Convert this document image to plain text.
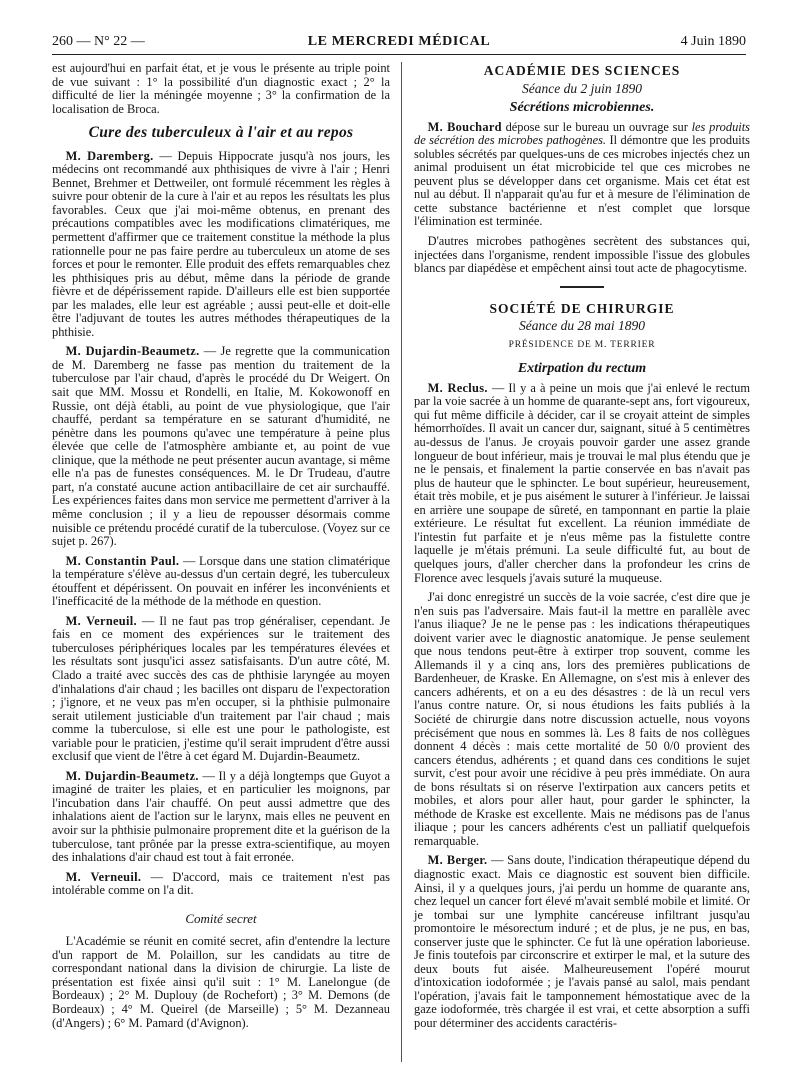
260 — N° 22 —	LE MERCREDI MÉDICAL	4 Juin 1890

est aujourd'hui en parfait état, et je vous le présente au triple point de vue suivant : 1° la possibilité d'un diagnostic exact ; 2° la difficulté de lier la méningée moyenne ; 3° la confirmation de la localisation de Broca.

Cure des tuberculeux à l'air et au repos

M. Daremberg. — Depuis Hippocrate jusqu'à nos jours, les médecins ont recommandé aux phthisiques de vivre à l'air ; Henri Bennet, Brehmer et Dettweiler, ont formulé récemment les règles à suivre pour obtenir de la cure à l'air et au repos les résultats les plus favorables. Ceux que j'ai moi-même obtenus, en prenant des précautions compatibles avec les modifications climatériques, me permettent d'affirmer que ce traitement constitue la méthode la plus rationnelle pour ne pas faire perdre au tuberculeux un atome de ses forces et pour le remonter. Elle produit des effets remarquables chez les phthisiques pris au début, même dans la période de grande fièvre et de dépérissement rapide. D'ailleurs elle est bien supportée par les malades, elle leur est agréable ; aussi peut-elle et doit-elle être l'adjuvant de toutes les autres méthodes thérapeutiques de la phthisie.

M. Dujardin-Beaumetz. — Je regrette que la communication de M. Daremberg ne fasse pas mention du traitement de la tuberculose par l'air chaud, d'après le procédé du Dr Weigert. On sait que MM. Mossu et Rondelli, en Italie, M. Kokowonoff en Russie, ont déjà établi, au point de vue physiologique, que l'air chauffé, perdant sa température en se saturant d'humidité, ne pénètre dans les poumons qu'avec une température à peine plus élevée que celle de l'atmosphère ambiante et, au point de vue clinique, que la méthode ne peut présenter aucun avantage, si même elle n'a pas de funestes conséquences. M. le Dr Trudeau, d'autre part, n'a constaté aucune action antibacillaire de cet air surchauffé. Les expériences faites dans mon service me permettent d'arriver à la même conclusion ; il y a lieu de repousser désormais comme nuisible ce prétendu procédé curatif de la tuberculose. (Voyez sur ce sujet p. 267).

M. Constantin Paul. — Lorsque dans une station climatérique la température s'élève au-dessus d'un certain degré, les tuberculeux étouffent et dépérissent. On pouvait en inférer les inconvénients et l'inefficacité de la méthode de la méthode en question.

M. Verneuil. — Il ne faut pas trop généraliser, cependant. Je fais en ce moment des expériences sur le traitement des tuberculoses périphériques locales par les températures élevées et les résultats sont jusqu'ici assez satisfaisants. D'un autre côté, M. Clado a traité avec succès des cas de phthisie laryngée au moyen d'inhalations d'air chaud ; les bacilles ont disparu de l'expectoration ; j'ignore, et ne veux pas m'en occuper, si la phthisie pulmonaire serait utilement justiciable d'un traitement par l'air chaud ; mais comme la tuberculose, si elle est une pour le pathologiste, est variable pour le praticien, j'estime qu'il serait imprudent d'être aussi exclusif que vient de l'être à cet égard M. Dujardin-Beaumetz.

M. Dujardin-Beaumetz. — Il y a déjà longtemps que Guyot a imaginé de traiter les plaies, et en particulier les moignons, par l'incubation dans l'air chauffé. On peut aussi admettre que des inhalations aient de l'action sur le larynx, mais elles ne peuvent en avoir sur la phthisie pulmonaire proprement dite et la guérison de la tuberculose, tant prônée par la presse extra-scientifique, au moyen des inhalations d'air chaud est tout à fait erronée.

M. Verneuil. — D'accord, mais ce traitement n'est pas intolérable comme on l'a dit.

Comité secret

L'Académie se réunit en comité secret, afin d'entendre la lecture d'un rapport de M. Polaillon, sur les candidats au titre de correspondant national dans la division de chirurgie. La liste de présentation est fixée ainsi qu'il suit : 1° M. Lanelongue (de Bordeaux) ; 2° M. Duplouy (de Rochefort) ; 3° M. Demons (de Bordeaux) ; 4° M. Queirel (de Marseille) ; 5° M. Dezanneau (d'Angers) ; 6° M. Pamard (d'Avignon).

ACADÉMIE DES SCIENCES
Séance du 2 juin 1890
Sécrétions microbiennes.

M. Bouchard dépose sur le bureau un ouvrage sur les produits de sécrétion des microbes pathogènes. Il démontre que les produits solubles sécrétés par quelques-uns de ces microbes injectés chez un animal produisent un état microbicide tel que ces microbes ne peuvent plus se développer dans cet organisme. Mais cet état est nul au début. Il n'apparait qu'au fur et à mesure de l'élimination de cette substance bactérienne et n'est complet que lorsque l'élimination est terminée.

D'autres microbes pathogènes secrètent des substances qui, injectées dans l'organisme, rendent impossible l'issue des globules blancs par diapédèse et empêchent ainsi tout acte de phagocytisme.

SOCIÉTÉ DE CHIRURGIE
Séance du 28 mai 1890
PRÉSIDENCE DE M. TERRIER
Extirpation du rectum

M. Reclus. — Il y a à peine un mois que j'ai enlevé le rectum par la voie sacrée à un homme de quarante-sept ans, fort vigoureux, qui fut même difficile à décider, car il se croyait atteint de simples hémorrhoïdes. Il avait un cancer dur, saignant, situé à 5 centimètres au-dessus de l'anus. Je croyais pouvoir garder une assez grande longueur de bout inférieur, mais je trouvai le mal plus étendu que je ne le pensais, et finalement la partie conservée en bas n'avait pas plus de hauteur que le sphincter. Le bout supérieur, heureusement, était très mobile, et je pus aisément le suturer à l'inférieur. Je laissai en arrière une soupape de sûreté, en tamponnant en partie la plaie extérieure. Le résultat fut excellent. La réunion immédiate de l'intestin fut parfaite et je n'eus même pas la fistulette contre laquelle je m'étais prémuni. La seule difficulté fut, au bout de quelques jours, d'aller chercher dans la profondeur les crins de Florence avec lesquels j'avais suturé la muqueuse.

J'ai donc enregistré un succès de la voie sacrée, c'est dire que je n'en suis pas l'adversaire. Mais faut-il la mettre en parallèle avec l'anus iliaque? Je ne le pense pas : les indications thérapeutiques doivent varier avec le diagnostic anatomique. Je pense seulement que nous tendons peut-être à extirper trop souvent, comme les Allemands il y a cinq ans, lors des premières publications de Bardenheuer, de Kraske. En Allemagne, on s'est mis à enlever des cancers adhérents, et on a eu des désastres : de là un recul vers l'anus contre nature. Or, si nous étudions les faits publiés à la Société de chirurgie dans notre discussion actuelle, nous voyons précisément que nous en sommes là. Les 8 faits de nos collègues donnent 4 décès : mais cette mortalité de 50 0/0 provient des cancers étendus, adhérents ; et quand dans ces conditions le sujet survit, c'est pour avoir une récidive à peu près immédiate. On aura de bons résultats si on réserve l'extirpation aux cancers petits et mobiles, et alors pour aller haut, pour garder le sphincter, la méthode de Kraske est excellente. Mais ne médisons pas de l'anus iliaque ; pour les cancers adhérents c'est un palliatif quelquefois remarquable.

M. Berger. — Sans doute, l'indication thérapeutique dépend du diagnostic exact. Mais ce diagnostic est souvent bien difficile. Ainsi, il y a quelques jours, j'ai perdu un homme de quarante ans, chez lequel un cancer fort élevé m'avait semblé mobile et limité. Or je tombai sur une lymphite cancéreuse infiltrant jusqu'au promontoire le mésorectum induré ; et de plus, je ne pus, en bas, conserver juste que le sphincter. Ce fut là une opération laborieuse. Je finis toutefois par circonscrire et extirper le mal, et la suture des deux bouts fut aisée. Malheureusement l'opéré mourut d'intoxication iodoformée ; je l'avais pansé au salol, mais pendant l'opération, j'avais fait le tamponnement hémostatique avec de la gaze iodoformée, très chargée il est vrai, et cette absorption a suffi pour déterminer des accidents caractéris-
